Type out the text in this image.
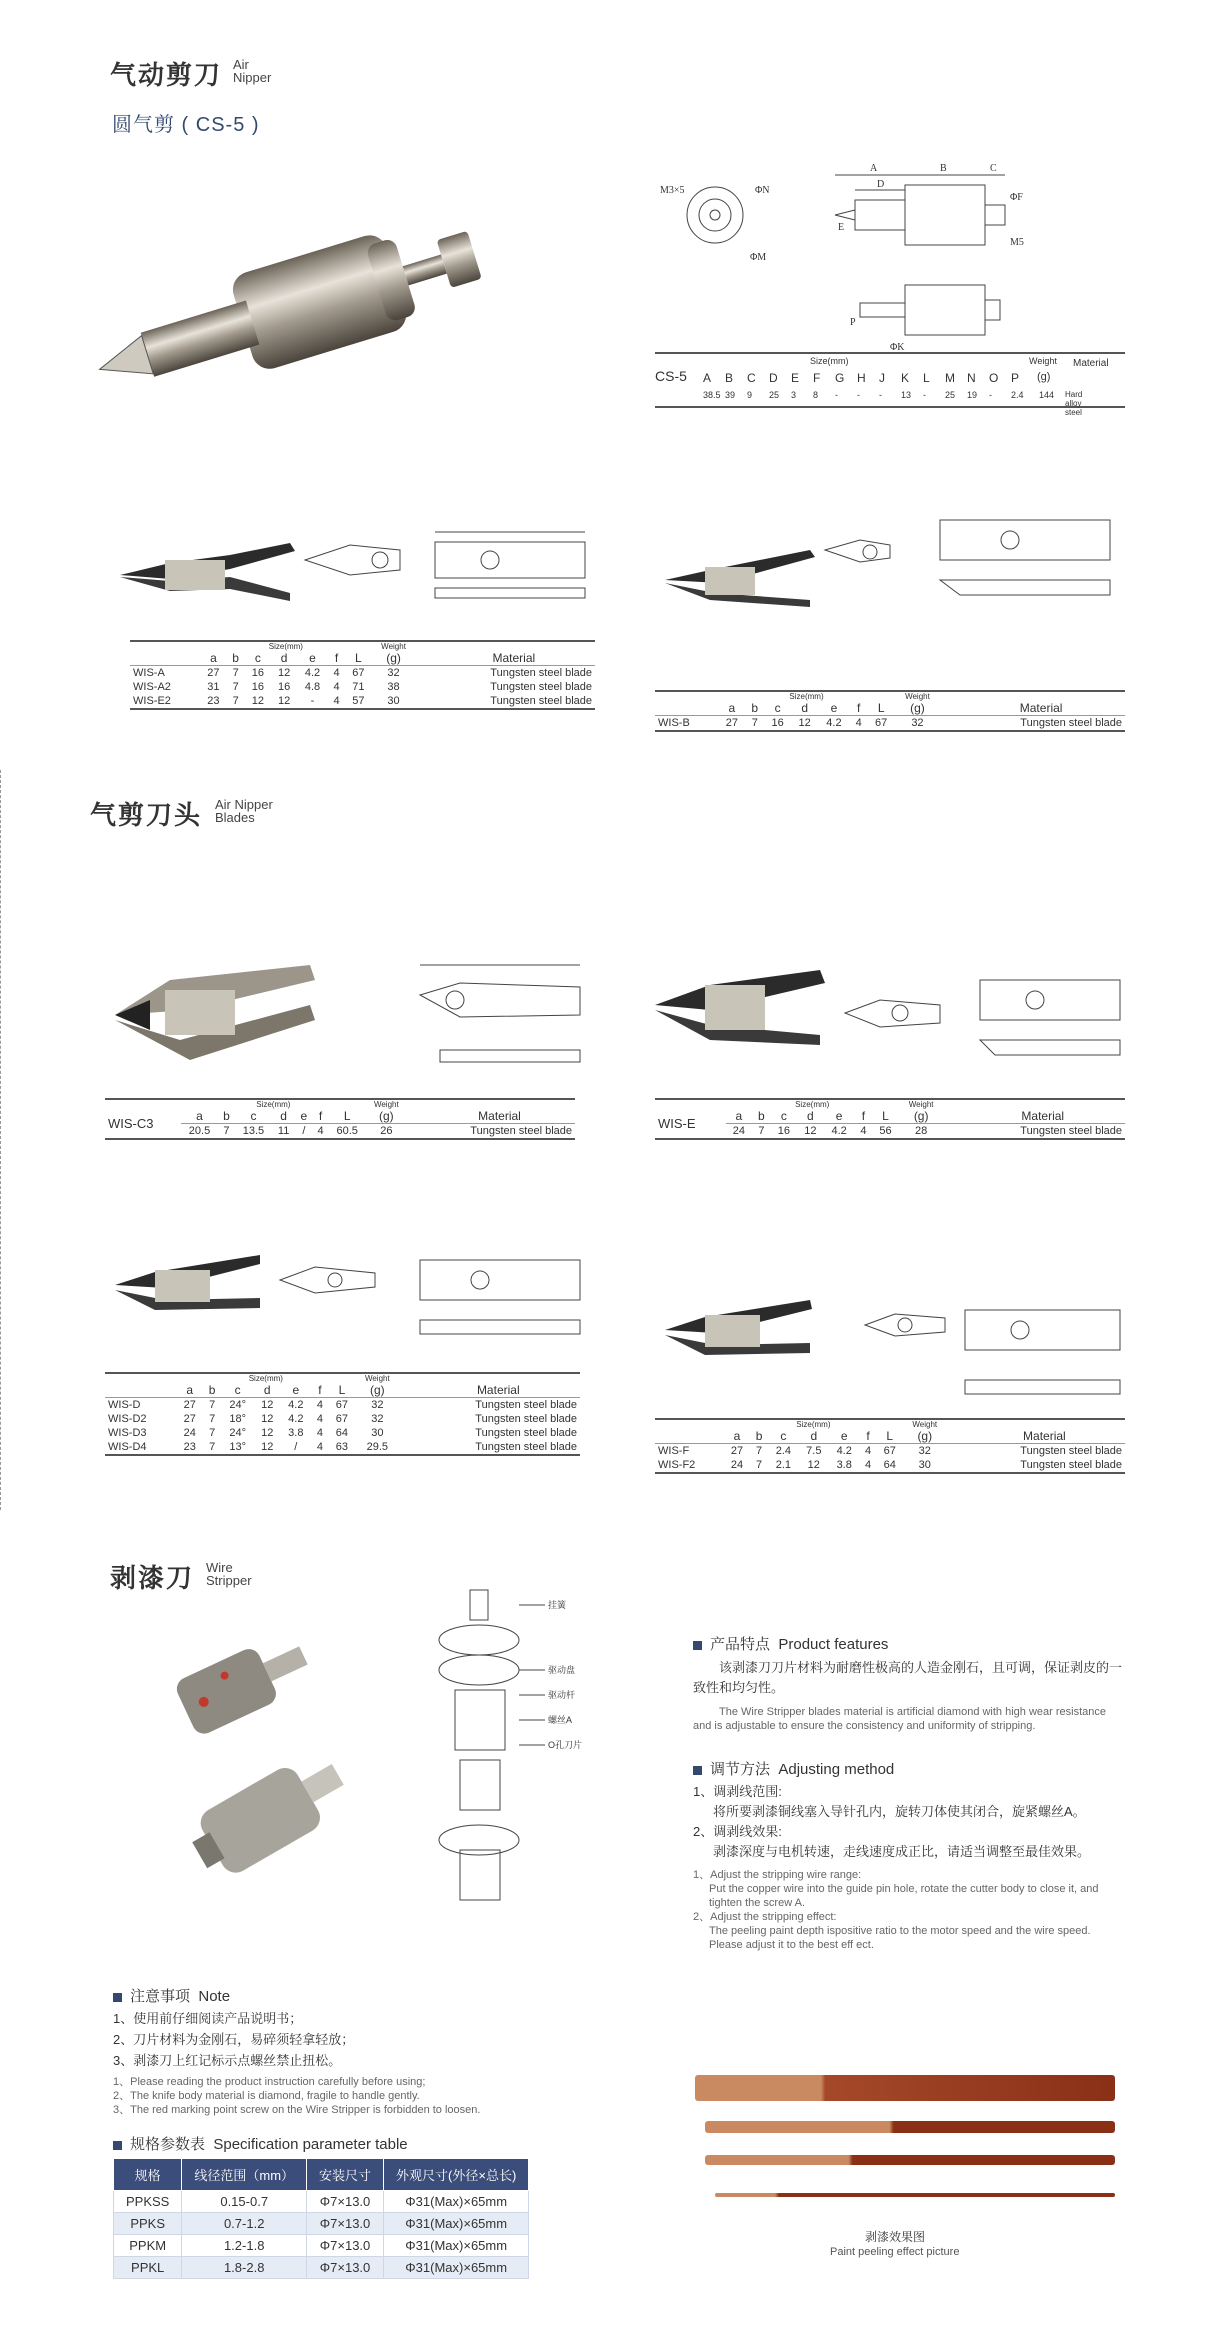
气动剪刀 Air
Nipper
圆气剪 ( CS-5 )
M3×5	ΦN
ΦM
A	B	C
D
E
ΦF
M5
P
ΦK
CS-5
Size(mm)	Weight Material
A B C D E F G H J K L M N O P (g)
38.5 39 9 25 3 8 - - - 13 - 25 19 - 2.4 144 Hard alloy steel
	Size(mm)							Weight	
	a	b	c	d	e	f	L	(g)	Material
WIS-A	27	7	16	12	4.2	4	67	32	Tungsten steel blade
WIS-A2	31	7	16	16	4.8	4	71	38	Tungsten steel blade
WIS-E2	23	7	12	12	-	4	57	30	Tungsten steel blade
		Size(mm)							Weight	
	a	b	c	d	e	f	L	(g)	Material
WIS-B	27	7	16	12	4.2	4	67	32	Tungsten steel blade
气剪刀头 Air Nipper
Blades
	Size(mm)							Weight	
WIS-C3	a	b	c	d	e	f	L	(g)	Material
	20.5	7	13.5	11	/	4	60.5	26	Tungsten steel blade
	Size(mm)							Weight	
WIS-E	a	b	c	d	e	f	L	(g)	Material
	24	7	16	12	4.2	4	56	28	Tungsten steel blade
	Size(mm)							Weight	
	a	b	c	d	e	f	L	(g)	Material
WIS-D	27	7	24°	12	4.2	4	67	32	Tungsten steel blade
WIS-D2	27	7	18°	12	4.2	4	67	32	Tungsten steel blade
WIS-D3	24	7	24°	12	3.8	4	64	30	Tungsten steel blade
WIS-D4	23	7	13°	12	/	4	63	29.5	Tungsten steel blade
	Size(mm)							Weight	
	a	b	c	d	e	f	L	(g)	Material
WIS-F	27	7	2.4	7.5	4.2	4	67	32	Tungsten steel blade
WIS-F2	24	7	2.1	12	3.8	4	64	30	Tungsten steel blade
剥漆刀 Wire
Stripper
挂簧
驱动盘
驱动杆
螺丝A
O孔刀片
产品特点 Product features
该剥漆刀刀片材料为耐磨性极高的人造金刚石，且可调，保证剥皮的一致性和均匀性。
The Wire Stripper blades material is artificial diamond with high wear resistance and is adjustable to ensure the consistency and uniformity of stripping.
调节方法 Adjusting method
1、调剥线范围:
将所要剥漆铜线塞入导针孔内，旋转刀体使其闭合，旋紧螺丝A。
2、调剥线效果:
剥漆深度与电机转速，走线速度成正比，请适当调整至最佳效果。
1、Adjust the stripping wire range:
Put the copper wire into the guide pin hole, rotate the cutter body to close it, and tighten the screw A.
2、Adjust the stripping effect:
The peeling paint depth ispositive ratio to the motor speed and the wire speed. Please adjust it to the best eff ect.
注意事项 Note
1、使用前仔细阅读产品说明书；
2、刀片材料为金刚石，易碎须轻拿轻放；
3、剥漆刀上红记标示点螺丝禁止扭松。
1、Please reading the product instruction carefully before using;
2、The knife body material is diamond, fragile to handle gently.
3、The red marking point screw on the Wire Stripper is forbidden to loosen.
规格参数表 Specification parameter table
规格	线径范围（mm）	安装尺寸	外观尺寸(外径×总长)
PPKSS	0.15-0.7	Φ7×13.0	Φ31(Max)×65mm
PPKS	0.7-1.2	Φ7×13.0	Φ31(Max)×65mm
PPKM	1.2-1.8	Φ7×13.0	Φ31(Max)×65mm
PPKL	1.8-2.8	Φ7×13.0	Φ31(Max)×65mm
剥漆效果图
Paint peeling effect picture
